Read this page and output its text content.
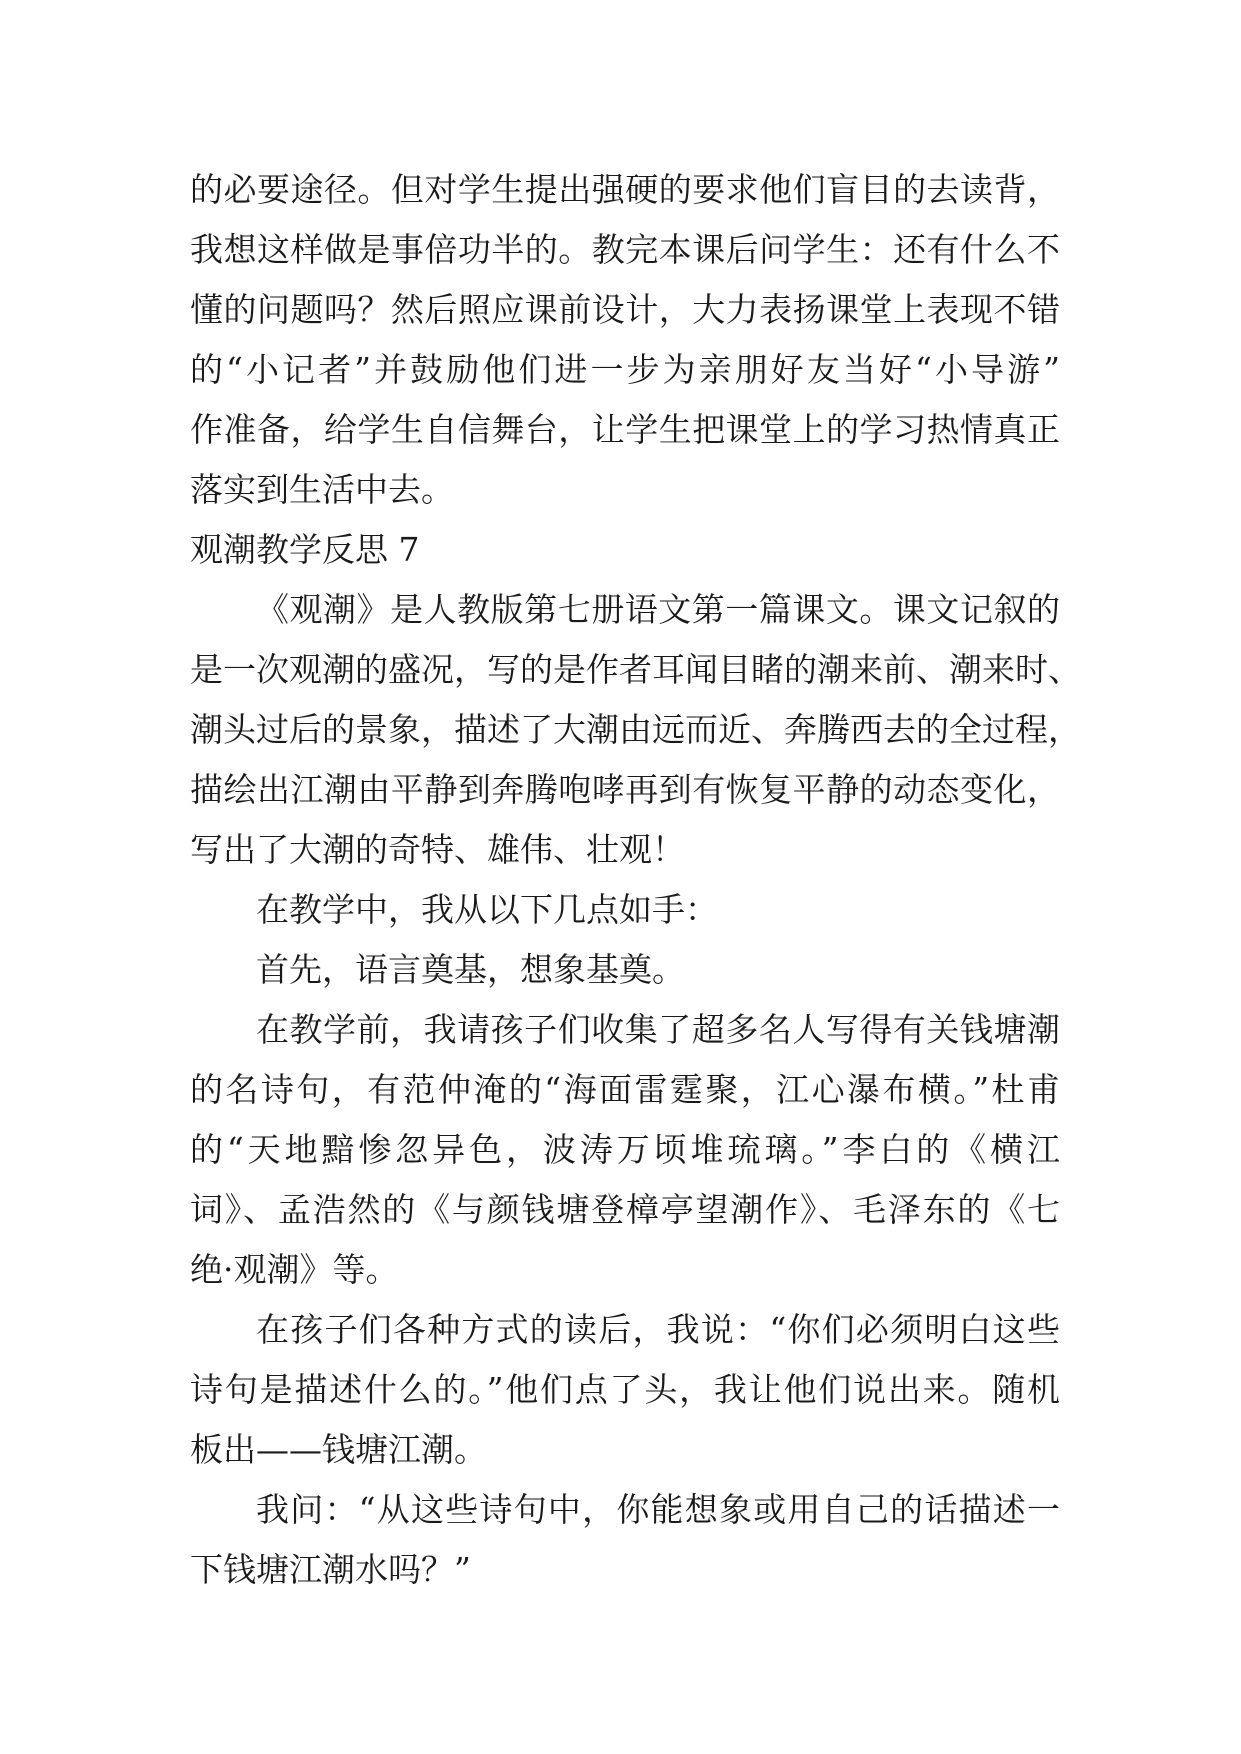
的必要途径。但对学生提出强硬的要求他们盲目的去读背，
我想这样做是事倍功半的。教完本课后问学生：还有什么不
懂的问题吗？然后照应课前设计，大力表扬课堂上表现不错
的“小记者”并鼓励他们进一步为亲朋好友当好“小导游”
作准备，给学生自信舞台，让学生把课堂上的学习热情真正
落实到生活中去。
观潮教学反思 7
《观潮》是人教版第七册语文第一篇课文。课文记叙的
是一次观潮的盛况，写的是作者耳闻目睹的潮来前、潮来时、
潮头过后的景象，描述了大潮由远而近、奔腾西去的全过程，
描绘出江潮由平静到奔腾咆哮再到有恢复平静的动态变化，
写出了大潮的奇特、雄伟、壮观！
在教学中，我从以下几点如手：
首先，语言奠基，想象基奠。
在教学前，我请孩子们收集了超多名人写得有关钱塘潮
的名诗句，有范仲淹的“海面雷霆聚，江心瀑布横。”杜甫
的“天地黯惨忽异色，波涛万顷堆琉璃。”李白的《横江
词》、孟浩然的《与颜钱塘登樟亭望潮作》、毛泽东的《七
绝·观潮》等。
在孩子们各种方式的读后，我说：“你们必须明白这些
诗句是描述什么的。”他们点了头，我让他们说出来。随机
板出——钱塘江潮。
我问：“从这些诗句中，你能想象或用自己的话描述一
下钱塘江潮水吗？”
